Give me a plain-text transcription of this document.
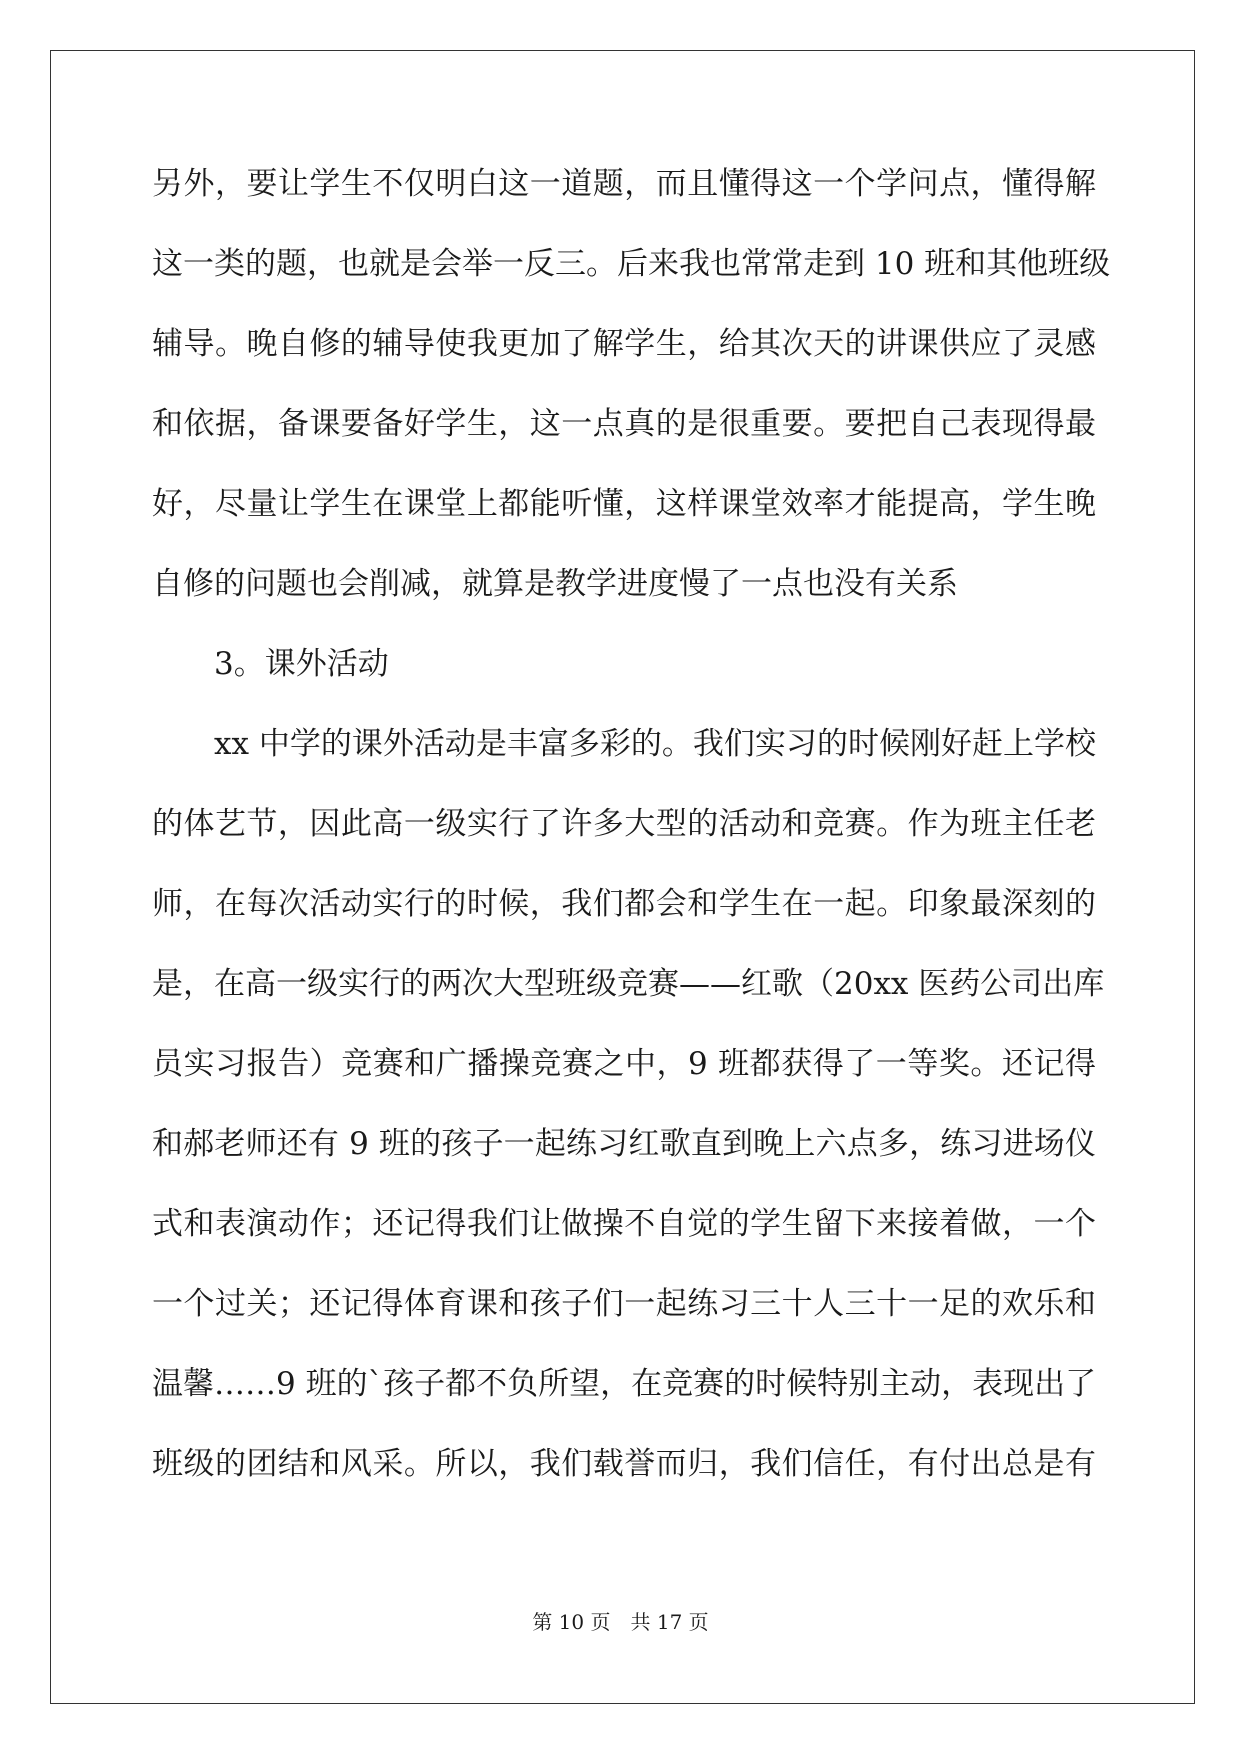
另外，要让学生不仅明白这一道题，而且懂得这一个学问点，懂得解
这一类的题，也就是会举一反三。后来我也常常走到 10 班和其他班级
辅导。晚自修的辅导使我更加了解学生，给其次天的讲课供应了灵感
和依据，备课要备好学生，这一点真的是很重要。要把自己表现得最
好，尽量让学生在课堂上都能听懂，这样课堂效率才能提高，学生晚
自修的问题也会削减，就算是教学进度慢了一点也没有关系
3。课外活动
xx 中学的课外活动是丰富多彩的。我们实习的时候刚好赶上学校
的体艺节，因此高一级实行了许多大型的活动和竞赛。作为班主任老
师，在每次活动实行的时候，我们都会和学生在一起。印象最深刻的
是，在高一级实行的两次大型班级竞赛——红歌（20xx 医药公司出库
员实习报告）竞赛和广播操竞赛之中，9 班都获得了一等奖。还记得
和郝老师还有 9 班的孩子一起练习红歌直到晚上六点多，练习进场仪
式和表演动作；还记得我们让做操不自觉的学生留下来接着做，一个
一个过关；还记得体育课和孩子们一起练习三十人三十一足的欢乐和
温馨……9 班的`孩子都不负所望，在竞赛的时候特别主动，表现出了
班级的团结和风采。所以，我们载誉而归，我们信任，有付出总是有
第 10 页　共 17 页
